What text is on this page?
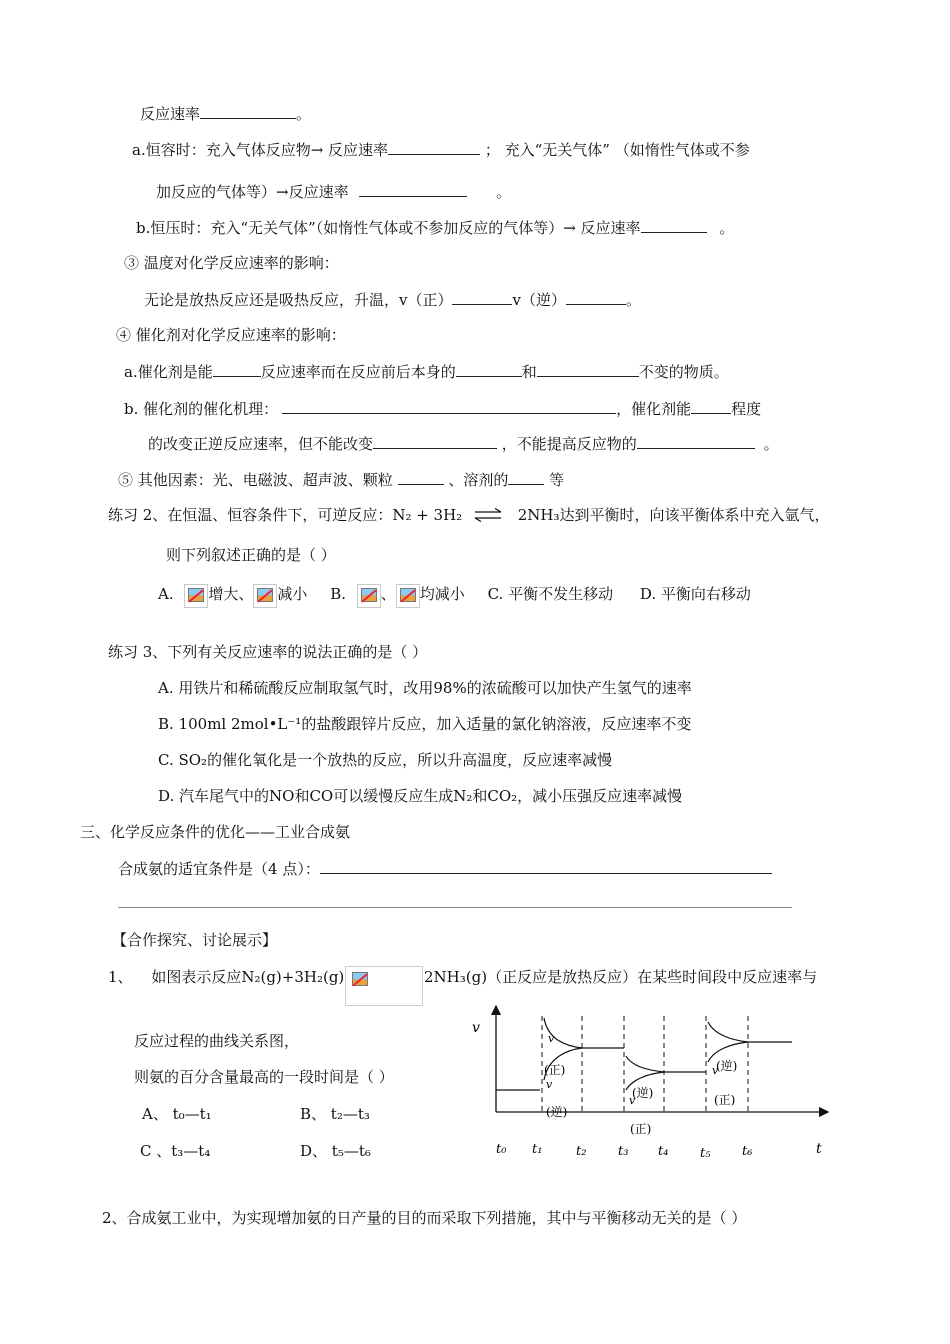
反应速率	。
a.恒容时：充入气体反应物→ 反应速率	； 充入“无关气体” （如惰性气体或不参
加反应的气体等）→反应速率	。
b.恒压时：充入“无关气体”（如惰性气体或不参加反应的气体等）→ 反应速率	。
③ 温度对化学反应速率的影响：
无论是放热反应还是吸热反应，升温，v（正）	v（逆）	。
④ 催化剂对化学反应速率的影响：
a.催化剂是能	反应速率而在反应前后本身的	和	不变的物质。
b. 催化剂的催化机理：	，催化剂能	程度
的改变正逆反应速率，但不能改变	，不能提高反应物的	。
⑤ 其他因素：光、电磁波、超声波、颗粒	、溶剂的	等
练习 2、在恒温、恒容条件下，可逆反应：N₂ + 3H₂ ⇌ 2NH₃达到平衡时，向该平衡体系中充入氩气，
则下列叙述正确的是（ ）
A. 增大、 减小 B. 、 均减小 C. 平衡不发生移动 D. 平衡向右移动
练习 3、下列有关反应速率的说法正确的是（ ）
A. 用铁片和稀硫酸反应制取氢气时，改用98%的浓硫酸可以加快产生氢气的速率
B. 100ml 2mol•L⁻¹的盐酸跟锌片反应，加入适量的氯化钠溶液，反应速率不变
C. SO₂的催化氧化是一个放热的反应，所以升高温度，反应速率减慢
D. 汽车尾气中的NO和CO可以缓慢反应生成N₂和CO₂，减小压强反应速率减慢
三、化学反应条件的优化——工业合成氨
合成氨的适宜条件是（4 点）：
【合作探究、讨论展示】
1、 如图表示反应N₂(g)+3H₂(g)	2NH₃(g)（正反应是放热反应）在某些时间段中反应速率与
反应过程的曲线关系图，
则氨的百分含量最高的一段时间是（ ）
A、 t₀—t₁	B、 t₂—t₃
C 、t₃—t₄	D、 t₅—t₆
v
t
v
(正)
v
(逆)
v
(逆)
(正)
v
(逆)
(正)
t₀ t₁	t₂ t₃ t₄ t₅ t₆
2、合成氨工业中，为实现增加氨的日产量的目的而采取下列措施，其中与平衡移动无关的是（ ）
